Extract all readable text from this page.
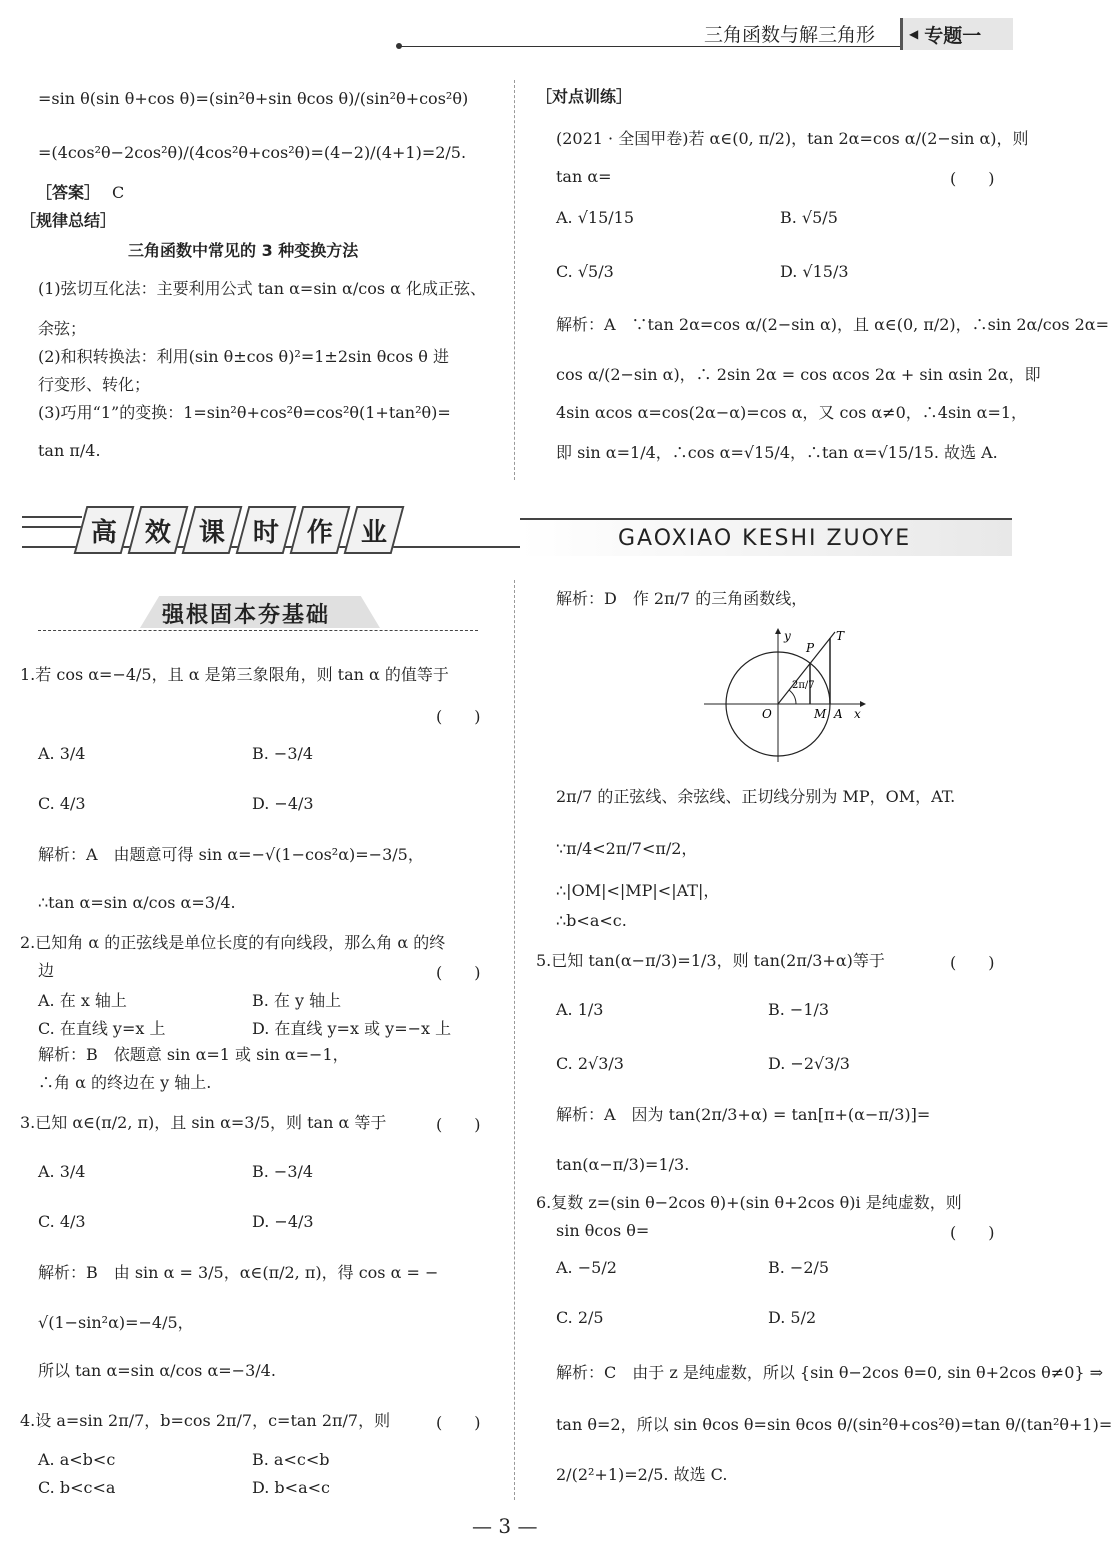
三角函数与解三角形	◀ 专题一
=sin θ(sin θ+cos θ)=(sin²θ+sin θcos θ)/(sin²θ+cos²θ)
=(4cos²θ−2cos²θ)/(4cos²θ+cos²θ)=(4−2)/(4+1)=2/5.
［答案］ C
［规律总结］
三角函数中常见的 3 种变换方法
(1)弦切互化法：主要利用公式 tan α=sin α/cos α 化成正弦、
余弦；
(2)和积转换法：利用(sin θ±cos θ)²=1±2sin θcos θ 进
行变形、转化；
(3)巧用“1”的变换：1=sin²θ+cos²θ=cos²θ(1+tan²θ)=
tan π/4.
［对点训练］
(2021 · 全国甲卷)若 α∈(0, π/2)，tan 2α=cos α/(2−sin α)，则
tan α=	(　　)
A. √15/15	B. √5/5
C. √5/3	D. √15/3
解析：A　∵tan 2α=cos α/(2−sin α)，且 α∈(0, π/2)，∴sin 2α/cos 2α=
cos α/(2−sin α)，∴ 2sin 2α = cos αcos 2α + sin αsin 2α，即
4sin αcos α=cos(2α−α)=cos α，又 cos α≠0，∴4sin α=1，
即 sin α=1/4，∴cos α=√15/4，∴tan α=√15/15. 故选 A.
高 效 课 时 作 业	GAOXIAO KESHI ZUOYE
强根固本夯基础
1.若 cos α=−4/5，且 α 是第三象限角，则 tan α 的值等于
(　　)
A. 3/4	B. −3/4
C. 4/3	D. −4/3
解析：A　由题意可得 sin α=−√(1−cos²α)=−3/5，
∴tan α=sin α/cos α=3/4.
2.已知角 α 的正弦线是单位长度的有向线段，那么角 α 的终
边	(　　)
A. 在 x 轴上	B. 在 y 轴上
C. 在直线 y=x 上	D. 在直线 y=x 或 y=−x 上
解析：B　依题意 sin α=1 或 sin α=−1，
∴角 α 的终边在 y 轴上.
3.已知 α∈(π/2, π)，且 sin α=3/5，则 tan α 等于	(　　)
A. 3/4	B. −3/4
C. 4/3	D. −4/3
解析：B　由 sin α = 3/5，α∈(π/2, π)，得 cos α = −
√(1−sin²α)=−4/5，
所以 tan α=sin α/cos α=−3/4.
4.设 a=sin 2π/7，b=cos 2π/7，c=tan 2π/7，则	(　　)
A. a<b<c	B. a<c<b
C. b<c<a	D. b<a<c
解析：D　作 2π/7 的三角函数线，
y
x
O
P
T
M A
2π/7
2π/7 的正弦线、余弦线、正切线分别为 MP，OM，AT.
∵π/4<2π/7<π/2，
∴|OM|<|MP|<|AT|，
∴b<a<c.
5.已知 tan(α−π/3)=1/3，则 tan(2π/3+α)等于	(　　)
A. 1/3	B. −1/3
C. 2√3/3	D. −2√3/3
解析：A　因为 tan(2π/3+α) = tan[π+(α−π/3)]=
tan(α−π/3)=1/3.
6.复数 z=(sin θ−2cos θ)+(sin θ+2cos θ)i 是纯虚数，则
sin θcos θ=	(　　)
A. −5/2	B. −2/5
C. 2/5	D. 5/2
解析：C　由于 z 是纯虚数，所以 {sin θ−2cos θ=0, sin θ+2cos θ≠0} ⇒
tan θ=2，所以 sin θcos θ=sin θcos θ/(sin²θ+cos²θ)=tan θ/(tan²θ+1)=
2/(2²+1)=2/5. 故选 C.
— 3 —
